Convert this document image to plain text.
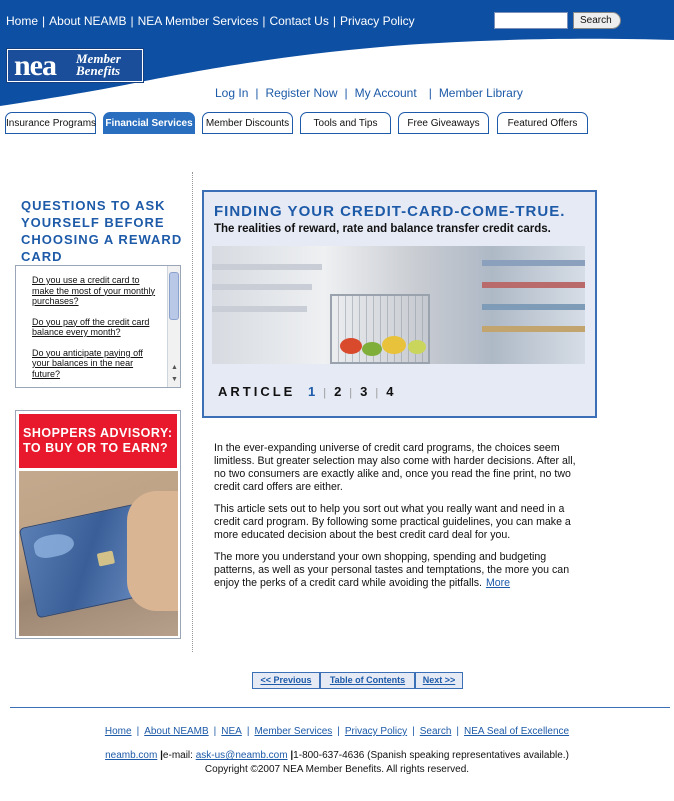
Home | About NEAMB | NEA Member Services | Contact Us | Privacy Policy	Search
nea Member
Benefits
Log In | Register Now | My Account | Member Library
Insurance Programs Financial Services	Member Discounts	Tools and Tips	Free Giveaways	Featured Offers
QUESTIONS TO ASK YOURSELF BEFORE CHOOSING A REWARD CARD
Do you use a credit card to make the most of your monthly purchases?
Do you pay off the credit card balance every month?
Do you anticipate paying off your balances in the near future?
▲
▼
SHOPPERS ADVISORY: TO BUY OR TO EARN?
FINDING YOUR CREDIT-CARD-COME-TRUE.
The realities of reward, rate and balance transfer credit cards.
ARTICLE 1 | 2 | 3 | 4

In the ever-expanding universe of credit card programs, the choices seem limitless. But greater selection may also come with harder decisions. After all, no two consumers are exactly alike and, once you read the fine print, no two credit card offers are either.

This article sets out to help you sort out what you really want and need in a credit card program. By following some practical guidelines, you can make a more educated decision about the best credit card deal for you.

The more you understand your own shopping, spending and budgeting patterns, as well as your personal tastes and temptations, the more you can enjoy the perks of a credit card while avoiding the pitfalls. More

<< Previous	Table of Contents	Next >>
Home | About NEAMB | NEA | Member Services | Privacy Policy | Search | NEA Seal of Excellence
neamb.com |e-mail: ask-us@neamb.com |1-800-637-4636 (Spanish speaking representatives available.)
Copyright ©2007 NEA Member Benefits. All rights reserved.
